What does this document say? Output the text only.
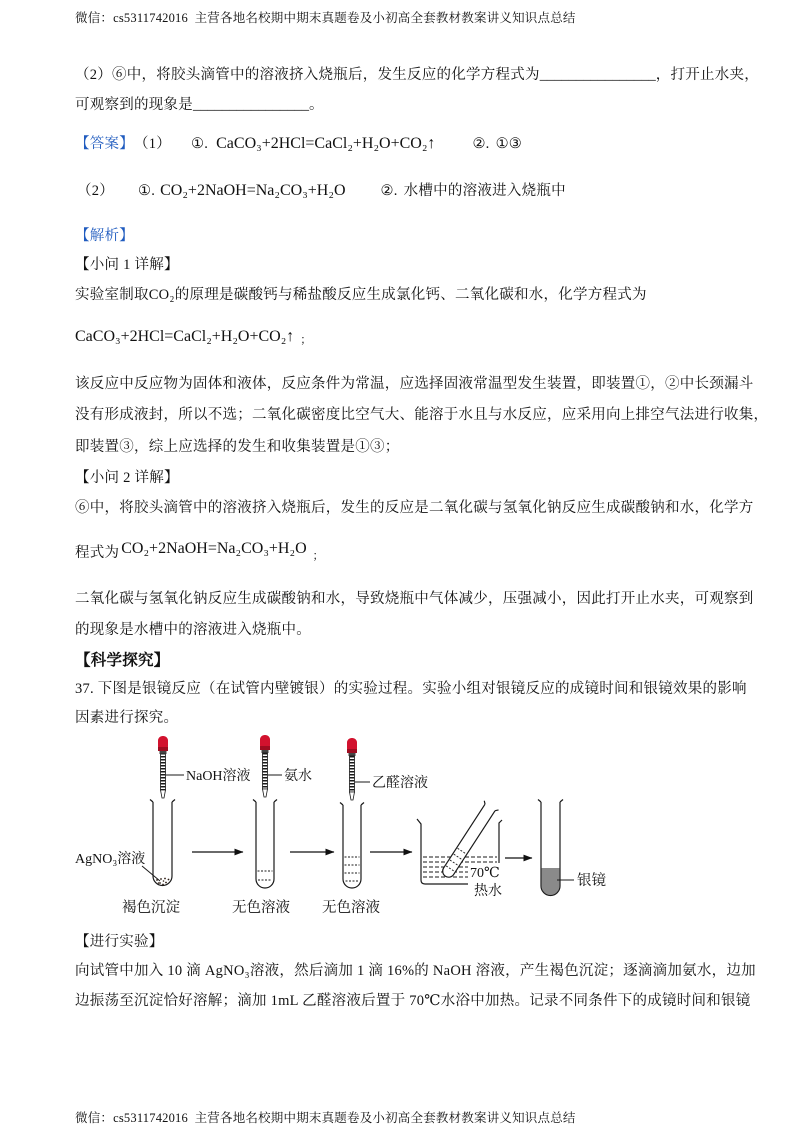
微信：cs5311742016  主营各地名校期中期末真题卷及小初高全套教材教案讲义知识点总结
（2）⑥中，将胶头滴管中的溶液挤入烧瓶后，发生反应的化学方程式为________________，打开止水夹，
可观察到的现象是________________。
【答案】（1） ①. CaCO₃+2HCl=CaCl₂+H₂O+CO₂↑	②. ①③
（2） ①. CO₂+2NaOH=Na₂CO₃+H₂O ②. 水槽中的溶液进入烧瓶中
【解析】
【小问 1 详解】
实验室制取CO₂的原理是碳酸钙与稀盐酸反应生成氯化钙、二氧化碳和水，化学方程式为
CaCO₃+2HCl=CaCl₂+H₂O+CO₂↑ ；
该反应中反应物为固体和液体，反应条件为常温，应选择固液常温型发生装置，即装置①，②中长颈漏斗
没有形成液封，所以不选；二氧化碳密度比空气大、能溶于水且与水反应，应采用向上排空气法进行收集，
即装置③，综上应选择的发生和收集装置是①③；
【小问 2 详解】
⑥中，将胶头滴管中的溶液挤入烧瓶后，发生的反应是二氧化碳与氢氧化钠反应生成碳酸钠和水，化学方
程式为 CO₂+2NaOH=Na₂CO₃+H₂O ；
二氧化碳与氢氧化钠反应生成碳酸钠和水，导致烧瓶中气体减少，压强减小，因此打开止水夹，可观察到
的现象是水槽中的溶液进入烧瓶中。
【科学探究】
37. 下图是银镜反应（在试管内壁镀银）的实验过程。实验小组对银镜反应的成镜时间和银镜效果的影响
因素进行探究。
NaOH溶液 氨水	乙醛溶液
AgNO₃溶液
褐色沉淀	无色溶液 无色溶液
70℃
热水
银镜
【进行实验】
向试管中加入 10 滴 AgNO₃溶液，然后滴加 1 滴 16%的 NaOH 溶液，产生褐色沉淀；逐滴滴加氨水，边加
边振荡至沉淀恰好溶解；滴加 1mL 乙醛溶液后置于 70℃水浴中加热。记录不同条件下的成镜时间和银镜
微信：cs5311742016  主营各地名校期中期末真题卷及小初高全套教材教案讲义知识点总结
